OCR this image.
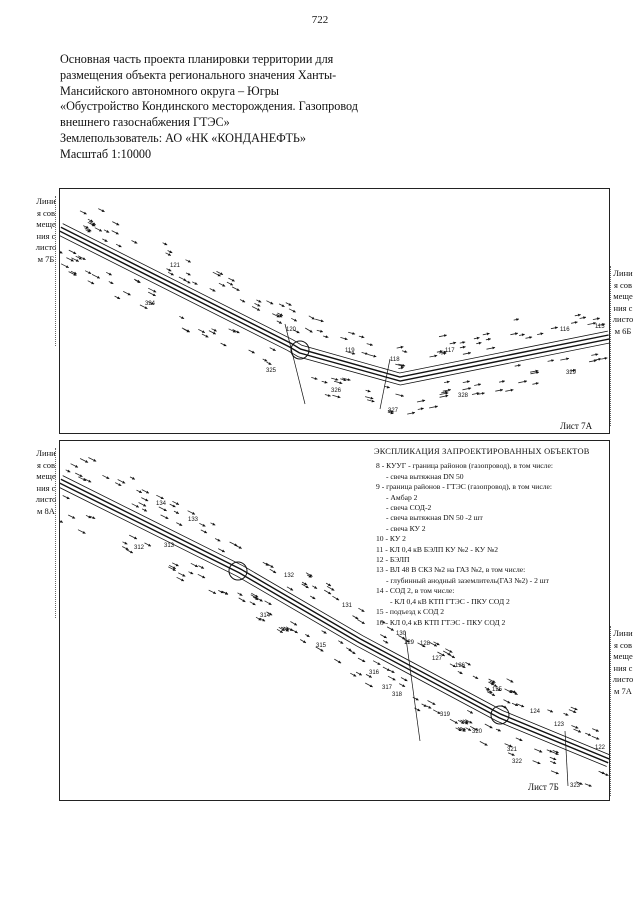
722
Основная часть проекта планировки территории для
размещения объекта регионального значения Ханты-
Мансийского автономного округа – Югры
«Обустройство Кондинского месторождения. Газопровод
внешнего газоснабжения ГТЭС»
Землепользователь: АО «НК «КОНДАНЕФТЬ»
Масштаб 1:10000
Линия совмещения с листом 7Б
Линия совмещения с листом 6Б
Линия совмещения с листом 8А
Линия совмещения с листом 7А
121
324
120
119
118
117
116	115
325
326
327
328
329
Лист 7А
134
133
312	313
132
314
131
315
130
129 128
127
126
316
317
318
319
125
124
320
123
321
322
122
323
ЭКСПЛИКАЦИЯ ЗАПРОЕКТИРОВАННЫХ ОБЪЕКТОВ
8 - КУУГ - граница районов (газопровод), в том числе:
- свеча вытяжная DN 50
9 - граница районов - ГТЭС (газопровод), в том числе:
- Амбар 2
- свеча СОД-2
- свеча вытяжная DN 50 -2 шт
- свеча КУ 2
10 - КУ 2
11 - КЛ 0,4 кВ БЭЛП КУ №2 - КУ №2
12 - БЭЛП
13 - ВЛ 48 В СКЗ №2 на ГАЗ №2, в том числе:
- глубинный анодный заземлитель(ГАЗ №2) - 2 шт
14 - СОД 2, в том числе:
- КЛ 0,4 кВ КТП ГТЭС - ПКУ СОД 2
15 - подъезд к СОД 2
16 - КЛ 0,4 кВ КТП ГТЭС - ПКУ СОД 2
Лист 7Б
